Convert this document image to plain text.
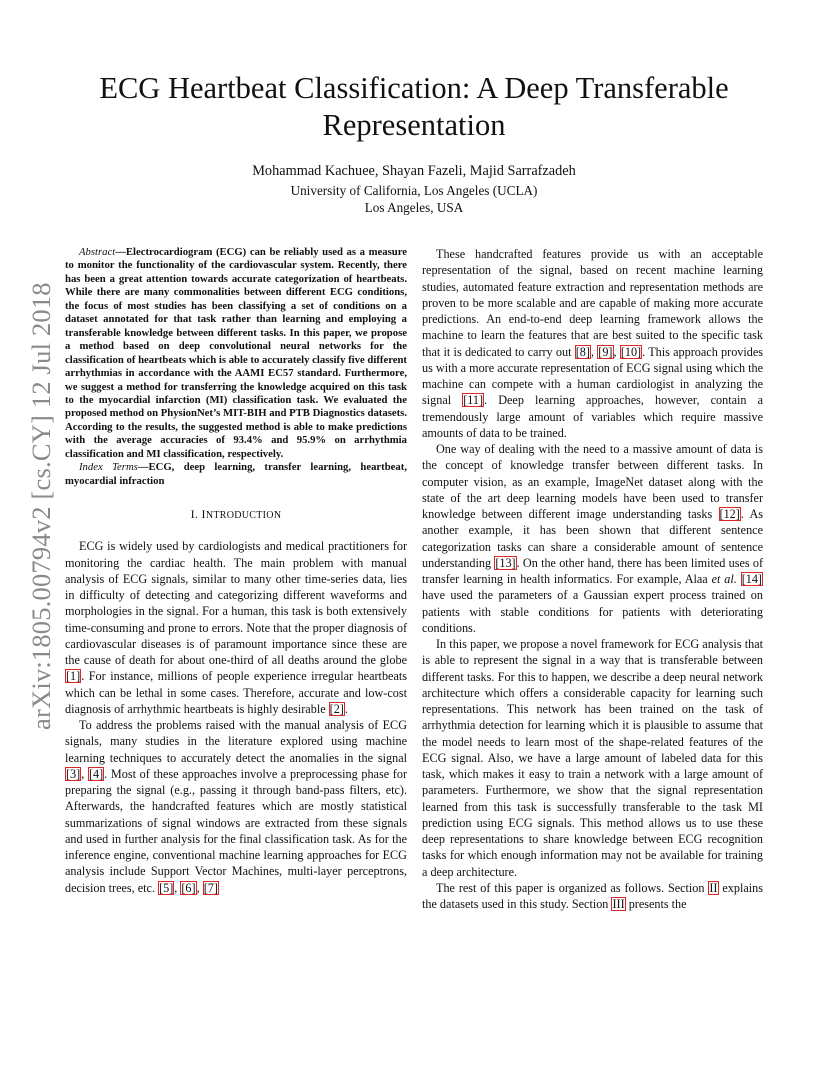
arXiv:1805.00794v2 [cs.CY] 12 Jul 2018
ECG Heartbeat Classification: A Deep Transferable
Representation
Mohammad Kachuee, Shayan Fazeli, Majid Sarrafzadeh
University of California, Los Angeles (UCLA)
Los Angeles, USA

Abstract—Electrocardiogram (ECG) can be reliably used as a measure to monitor the functionality of the cardiovascular system. Recently, there has been a great attention towards accurate categorization of heartbeats. While there are many commonalities between different ECG conditions, the focus of most studies has been classifying a set of conditions on a dataset annotated for that task rather than learning and employing a transferable knowledge between different tasks. In this paper, we propose a method based on deep convolutional neural networks for the classification of heartbeats which is able to accurately classify five different arrhythmias in accordance with the AAMI EC57 standard. Furthermore, we suggest a method for transferring the knowledge acquired on this task to the myocardial infarction (MI) classification task. We evaluated the proposed method on PhysionNet’s MIT-BIH and PTB Diagnostics datasets. According to the results, the suggested method is able to make predictions with the average accuracies of 93.4% and 95.9% on arrhythmia classification and MI classification, respectively.

Index Terms—ECG, deep learning, transfer learning, heartbeat, myocardial infraction

I. INTRODUCTION

ECG is widely used by cardiologists and medical practitioners for monitoring the cardiac health. The main problem with manual analysis of ECG signals, similar to many other time-series data, lies in difficulty of detecting and categorizing different waveforms and morphologies in the signal. For a human, this task is both extensively time-consuming and prone to errors. Note that the proper diagnosis of cardiovascular diseases is of paramount importance since these are the cause of death for about one-third of all deaths around the globe [1]. For instance, millions of people experience irregular heartbeats which can be lethal in some cases. Therefore, accurate and low-cost diagnosis of arrhythmic heartbeats is highly desirable [2].

To address the problems raised with the manual analysis of ECG signals, many studies in the literature explored using machine learning techniques to accurately detect the anomalies in the signal [3], [4]. Most of these approaches involve a preprocessing phase for preparing the signal (e.g., passing it through band-pass filters, etc). Afterwards, the handcrafted features which are mostly statistical summarizations of signal windows are extracted from these signals and used in further analysis for the final classification task. As for the inference engine, conventional machine learning approaches for ECG analysis include Support Vector Machines, multi-layer perceptrons, decision trees, etc. [5], [6], [7]

These handcrafted features provide us with an acceptable representation of the signal, based on recent machine learning studies, automated feature extraction and representation methods are proven to be more scalable and are capable of making more accurate predictions. An end-to-end deep learning framework allows the machine to learn the features that are best suited to the specific task that it is dedicated to carry out [8], [9], [10]. This approach provides us with a more accurate representation of ECG signal using which the machine can compete with a human cardiologist in analyzing the signal [11]. Deep learning approaches, however, contain a tremendously large amount of variables which require massive amounts of data to be trained.

One way of dealing with the need to a massive amount of data is the concept of knowledge transfer between different tasks. In computer vision, as an example, ImageNet dataset along with the state of the art deep learning models have been used to transfer knowledge between different image understanding tasks [12]. As another example, it has been shown that different sentence categorization tasks can share a considerable amount of sentence understanding [13]. On the other hand, there has been limited uses of transfer learning in health informatics. For example, Alaa et al. [14] have used the parameters of a Gaussian expert process trained on patients with stable conditions for patients with deteriorating conditions.

In this paper, we propose a novel framework for ECG analysis that is able to represent the signal in a way that is transferable between different tasks. For this to happen, we describe a deep neural network architecture which offers a considerable capacity for learning such representations. This network has been trained on the task of arrhythmia detection for learning which it is plausible to assume that the model needs to learn most of the shape-related features of the ECG signal. Also, we have a large amount of labeled data for this task, which makes it easy to train a network with a large amount of parameters. Furthermore, we show that the signal representation learned from this task is successfully transferable to the task MI prediction using ECG signals. This method allows us to use these deep representations to share knowledge between ECG recognition tasks for which enough information may not be available for training a deep architecture.

The rest of this paper is organized as follows. Section II explains the datasets used in this study. Section III presents the
